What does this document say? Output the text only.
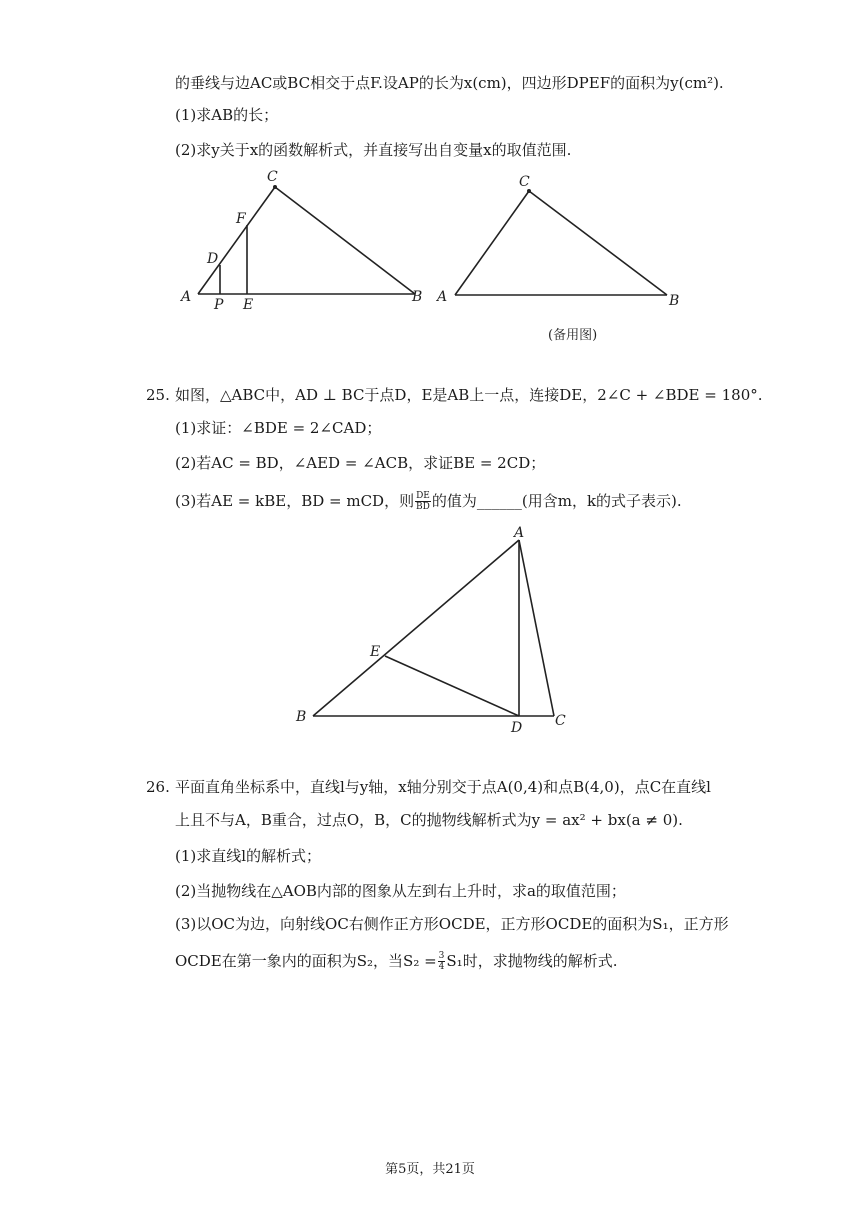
的垂线与边AC或BC相交于点F.设AP的长为x(cm)，四边形DPEF的面积为y(cm²).
(1)求AB的长；
(2)求y关于x的函数解析式，并直接写出自变量x的取值范围.
C
F
D
A P E	B
C
A	B
(备用图)
25. 如图，△ABC中，AD ⊥ BC于点D，E是AB上一点，连接DE，2∠C + ∠BDE = 180°.
(1)求证：∠BDE = 2∠CAD；
(2)若AC = BD，∠AED = ∠ACB，求证BE = 2CD；
(3)若AE = kBE，BD = mCD，则 $\frac{DE}{BD}$ 的值为______(用含m，k的式子表示).
A
E
B
D C
26. 平面直角坐标系中，直线l与y轴，x轴分别交于点A(0,4)和点B(4,0)，点C在直线l
上且不与A，B重合，过点O，B，C的抛物线解析式为y = ax² + bx(a ≠ 0).
(1)求直线l的解析式；
(2)当抛物线在△AOB内部的图象从左到右上升时，求a的取值范围；
(3)以OC为边，向射线OC右侧作正方形OCDE，正方形OCDE的面积为S₁，正方形
OCDE在第一象内的面积为S₂，当$S_2 = \frac{3}{4} S_1$时，求抛物线的解析式.
第5页，共21页
